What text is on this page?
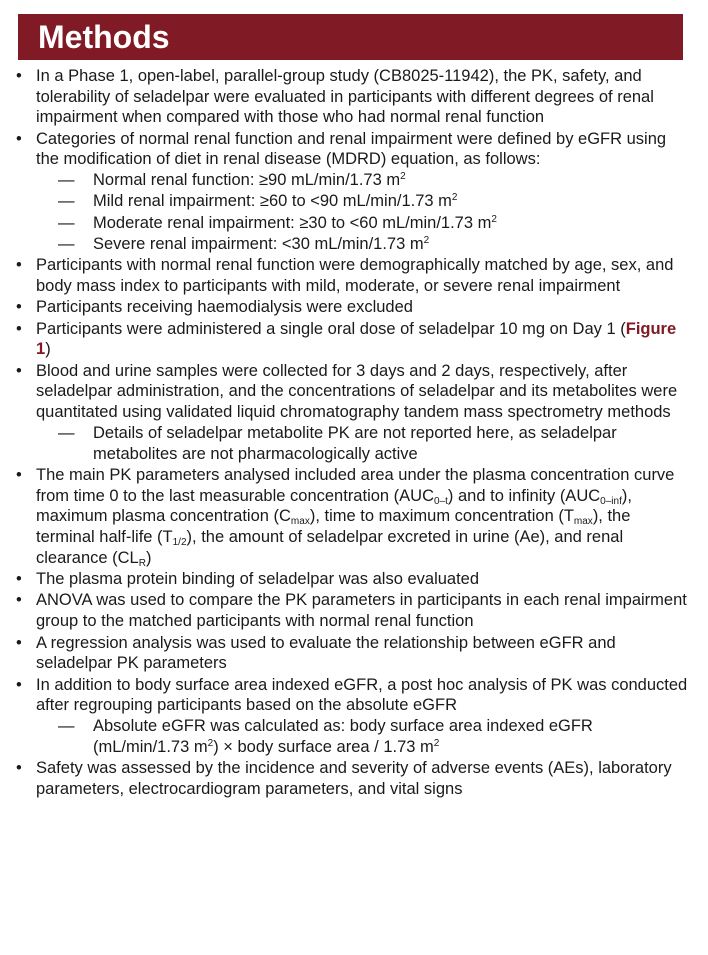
Methods
• In a Phase 1, open-label, parallel-group study (CB8025-11942), the PK, safety, and tolerability of seladelpar were evaluated in participants with different degrees of renal impairment when compared with those who had normal renal function
• Categories of normal renal function and renal impairment were defined by eGFR using the modification of diet in renal disease (MDRD) equation, as follows:
— Normal renal function: ≥90 mL/min/1.73 $m^2$
— Mild renal impairment: ≥60 to <90 mL/min/1.73 $m^2$
— Moderate renal impairment: ≥30 to <60 mL/min/1.73 $m^2$
— Severe renal impairment: <30 mL/min/1.73 $m^2$
• Participants with normal renal function were demographically matched by age, sex, and body mass index to participants with mild, moderate, or severe renal impairment
• Participants receiving haemodialysis were excluded
• Participants were administered a single oral dose of seladelpar 10 mg on Day 1 (Figure 1)
• Blood and urine samples were collected for 3 days and 2 days, respectively, after seladelpar administration, and the concentrations of seladelpar and its metabolites were quantitated using validated liquid chromatography tandem mass spectrometry methods
— Details of seladelpar metabolite PK are not reported here, as seladelpar metabolites are not pharmacologically active
• The main PK parameters analysed included area under the plasma concentration curve from time 0 to the last measurable concentration $(AUC_{0-t})$ and to infinity $(AUC_{0-inf})$, maximum plasma concentration $(C_{max})$, time to maximum concentration $(T_{max})$, the terminal half-life $(T_{1/2})$, the amount of seladelpar excreted in urine (Ae), and renal clearance $(CL_R)$
• The plasma protein binding of seladelpar was also evaluated
• ANOVA was used to compare the PK parameters in participants in each renal impairment group to the matched participants with normal renal function
• A regression analysis was used to evaluate the relationship between eGFR and seladelpar PK parameters
• In addition to body surface area indexed eGFR, a post hoc analysis of PK was conducted after regrouping participants based on the absolute eGFR
— Absolute eGFR was calculated as: body surface area indexed eGFR (mL/min/1.73 $m^2$) × body surface area / 1.73 $m^2$
• Safety was assessed by the incidence and severity of adverse events (AEs), laboratory parameters, electrocardiogram parameters, and vital signs
